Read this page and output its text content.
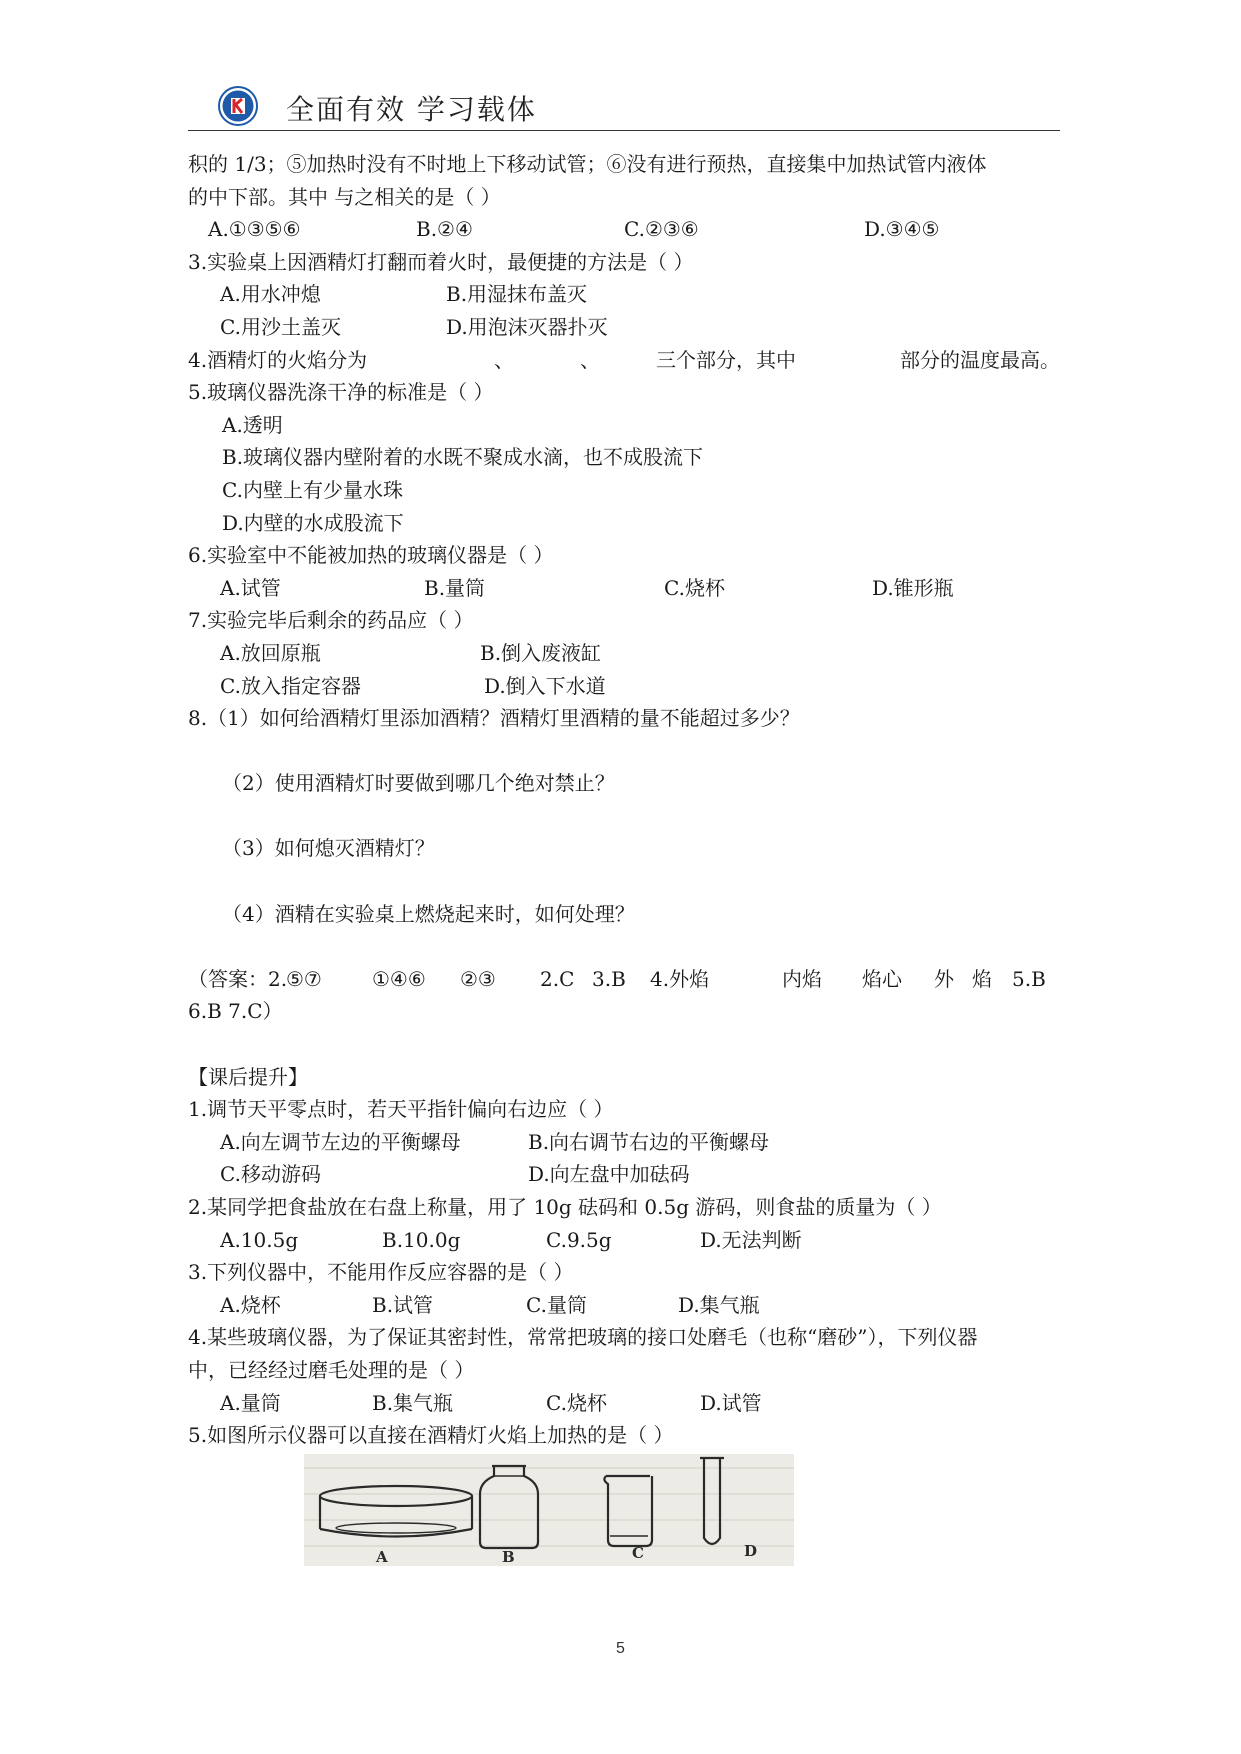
全面有效 学习载体
积的 1/3；⑤加热时没有不时地上下移动试管；⑥没有进行预热，直接集中加热试管内液体
的中下部。其中 与之相关的是（ ）
A.①③⑤⑥	B.②④	C.②③⑥	D.③④⑤
3.实验桌上因酒精灯打翻而着火时，最便捷的方法是（ ）
A.用水冲熄	B.用湿抹布盖灭
C.用沙土盖灭	D.用泡沫灭器扑灭
4.酒精灯的火焰分为	、	、	三个部分，其中	部分的温度最高。
5.玻璃仪器洗涤干净的标准是（ ）
A.透明
B.玻璃仪器内壁附着的水既不聚成水滴，也不成股流下
C.内壁上有少量水珠
D.内壁的水成股流下
6.实验室中不能被加热的玻璃仪器是（ ）
A.试管	B.量筒	C.烧杯	D.锥形瓶
7.实验完毕后剩余的药品应（ ）
A.放回原瓶	B.倒入废液缸
C.放入指定容器	D.倒入下水道
8.（1）如何给酒精灯里添加酒精？酒精灯里酒精的量不能超过多少？
（2）使用酒精灯时要做到哪几个绝对禁止？
（3）如何熄灭酒精灯？
（4）酒精在实验桌上燃烧起来时，如何处理？
（答案：2.
⑤⑦	①④⑥ ②③ 2.C 3.B 4.外焰	内焰 焰心 外 焰 5.B
6.B 7.C）
【课后提升】
1.调节天平零点时，若天平指针偏向右边应（ ）
A.向左调节左边的平衡螺母	B.向右调节右边的平衡螺母
C.移动游码	D.向左盘中加砝码
2.某同学把食盐放在右盘上称量，用了 10g 砝码和 0.5g 游码，则食盐的质量为（ ）
A.10.5g	B.10.0g	C.9.5g	D.无法判断
3.下列仪器中，不能用作反应容器的是（ ）
A.烧杯	B.试管	C.量筒	D.集气瓶
4.某些玻璃仪器，为了保证其密封性，常常把玻璃的接口处磨毛（也称“磨砂”），下列仪器
中，已经经过磨毛处理的是（ ）
A.量筒	B.集气瓶	C.烧杯	D.试管
5.如图所示仪器可以直接在酒精灯火焰上加热的是（ ）
A	B	C	D
5
